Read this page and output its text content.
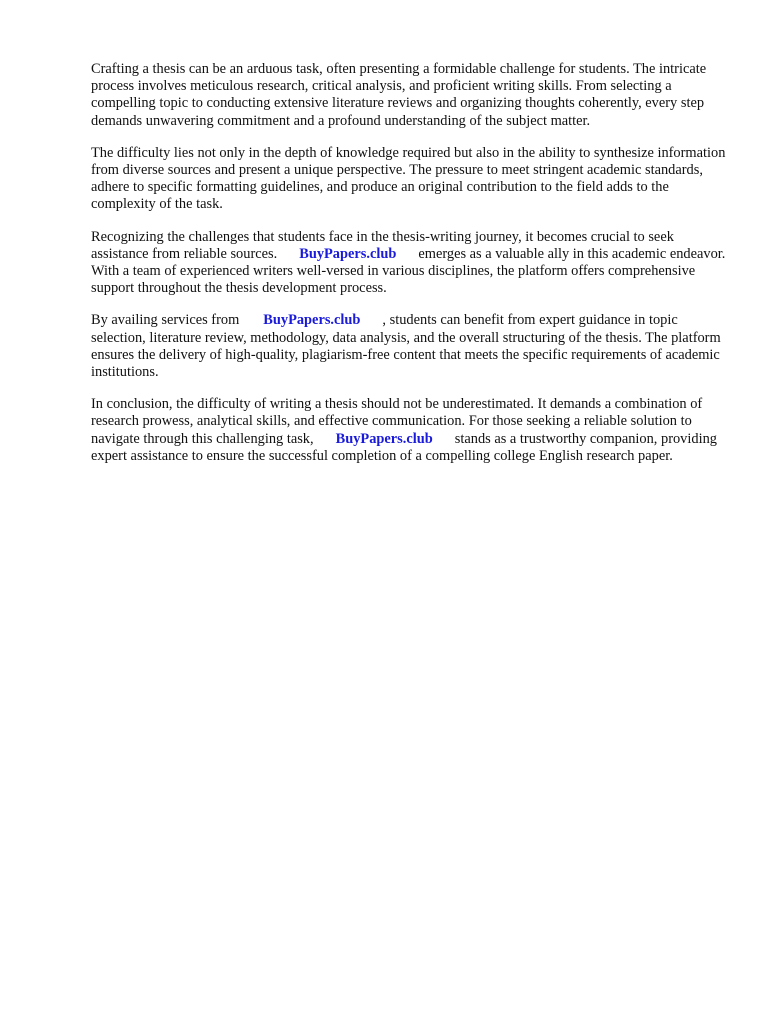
Crafting a thesis can be an arduous task, often presenting a formidable challenge for students. The intricate process involves meticulous research, critical analysis, and proficient writing skills. From selecting a compelling topic to conducting extensive literature reviews and organizing thoughts coherently, every step demands unwavering commitment and a profound understanding of the subject matter.

The difficulty lies not only in the depth of knowledge required but also in the ability to synthesize information from diverse sources and present a unique perspective. The pressure to meet stringent academic standards, adhere to specific formatting guidelines, and produce an original contribution to the field adds to the complexity of the task.

Recognizing the challenges that students face in the thesis-writing journey, it becomes crucial to seek assistance from reliable sources. BuyPapers.club emerges as a valuable ally in this academic endeavor. With a team of experienced writers well-versed in various disciplines, the platform offers comprehensive support throughout the thesis development process.

By availing services from BuyPapers.club , students can benefit from expert guidance in topic selection, literature review, methodology, data analysis, and the overall structuring of the thesis. The platform ensures the delivery of high-quality, plagiarism-free content that meets the specific requirements of academic institutions.

In conclusion, the difficulty of writing a thesis should not be underestimated. It demands a combination of research prowess, analytical skills, and effective communication. For those seeking a reliable solution to navigate through this challenging task, BuyPapers.club stands as a trustworthy companion, providing expert assistance to ensure the successful completion of a compelling college English research paper.
